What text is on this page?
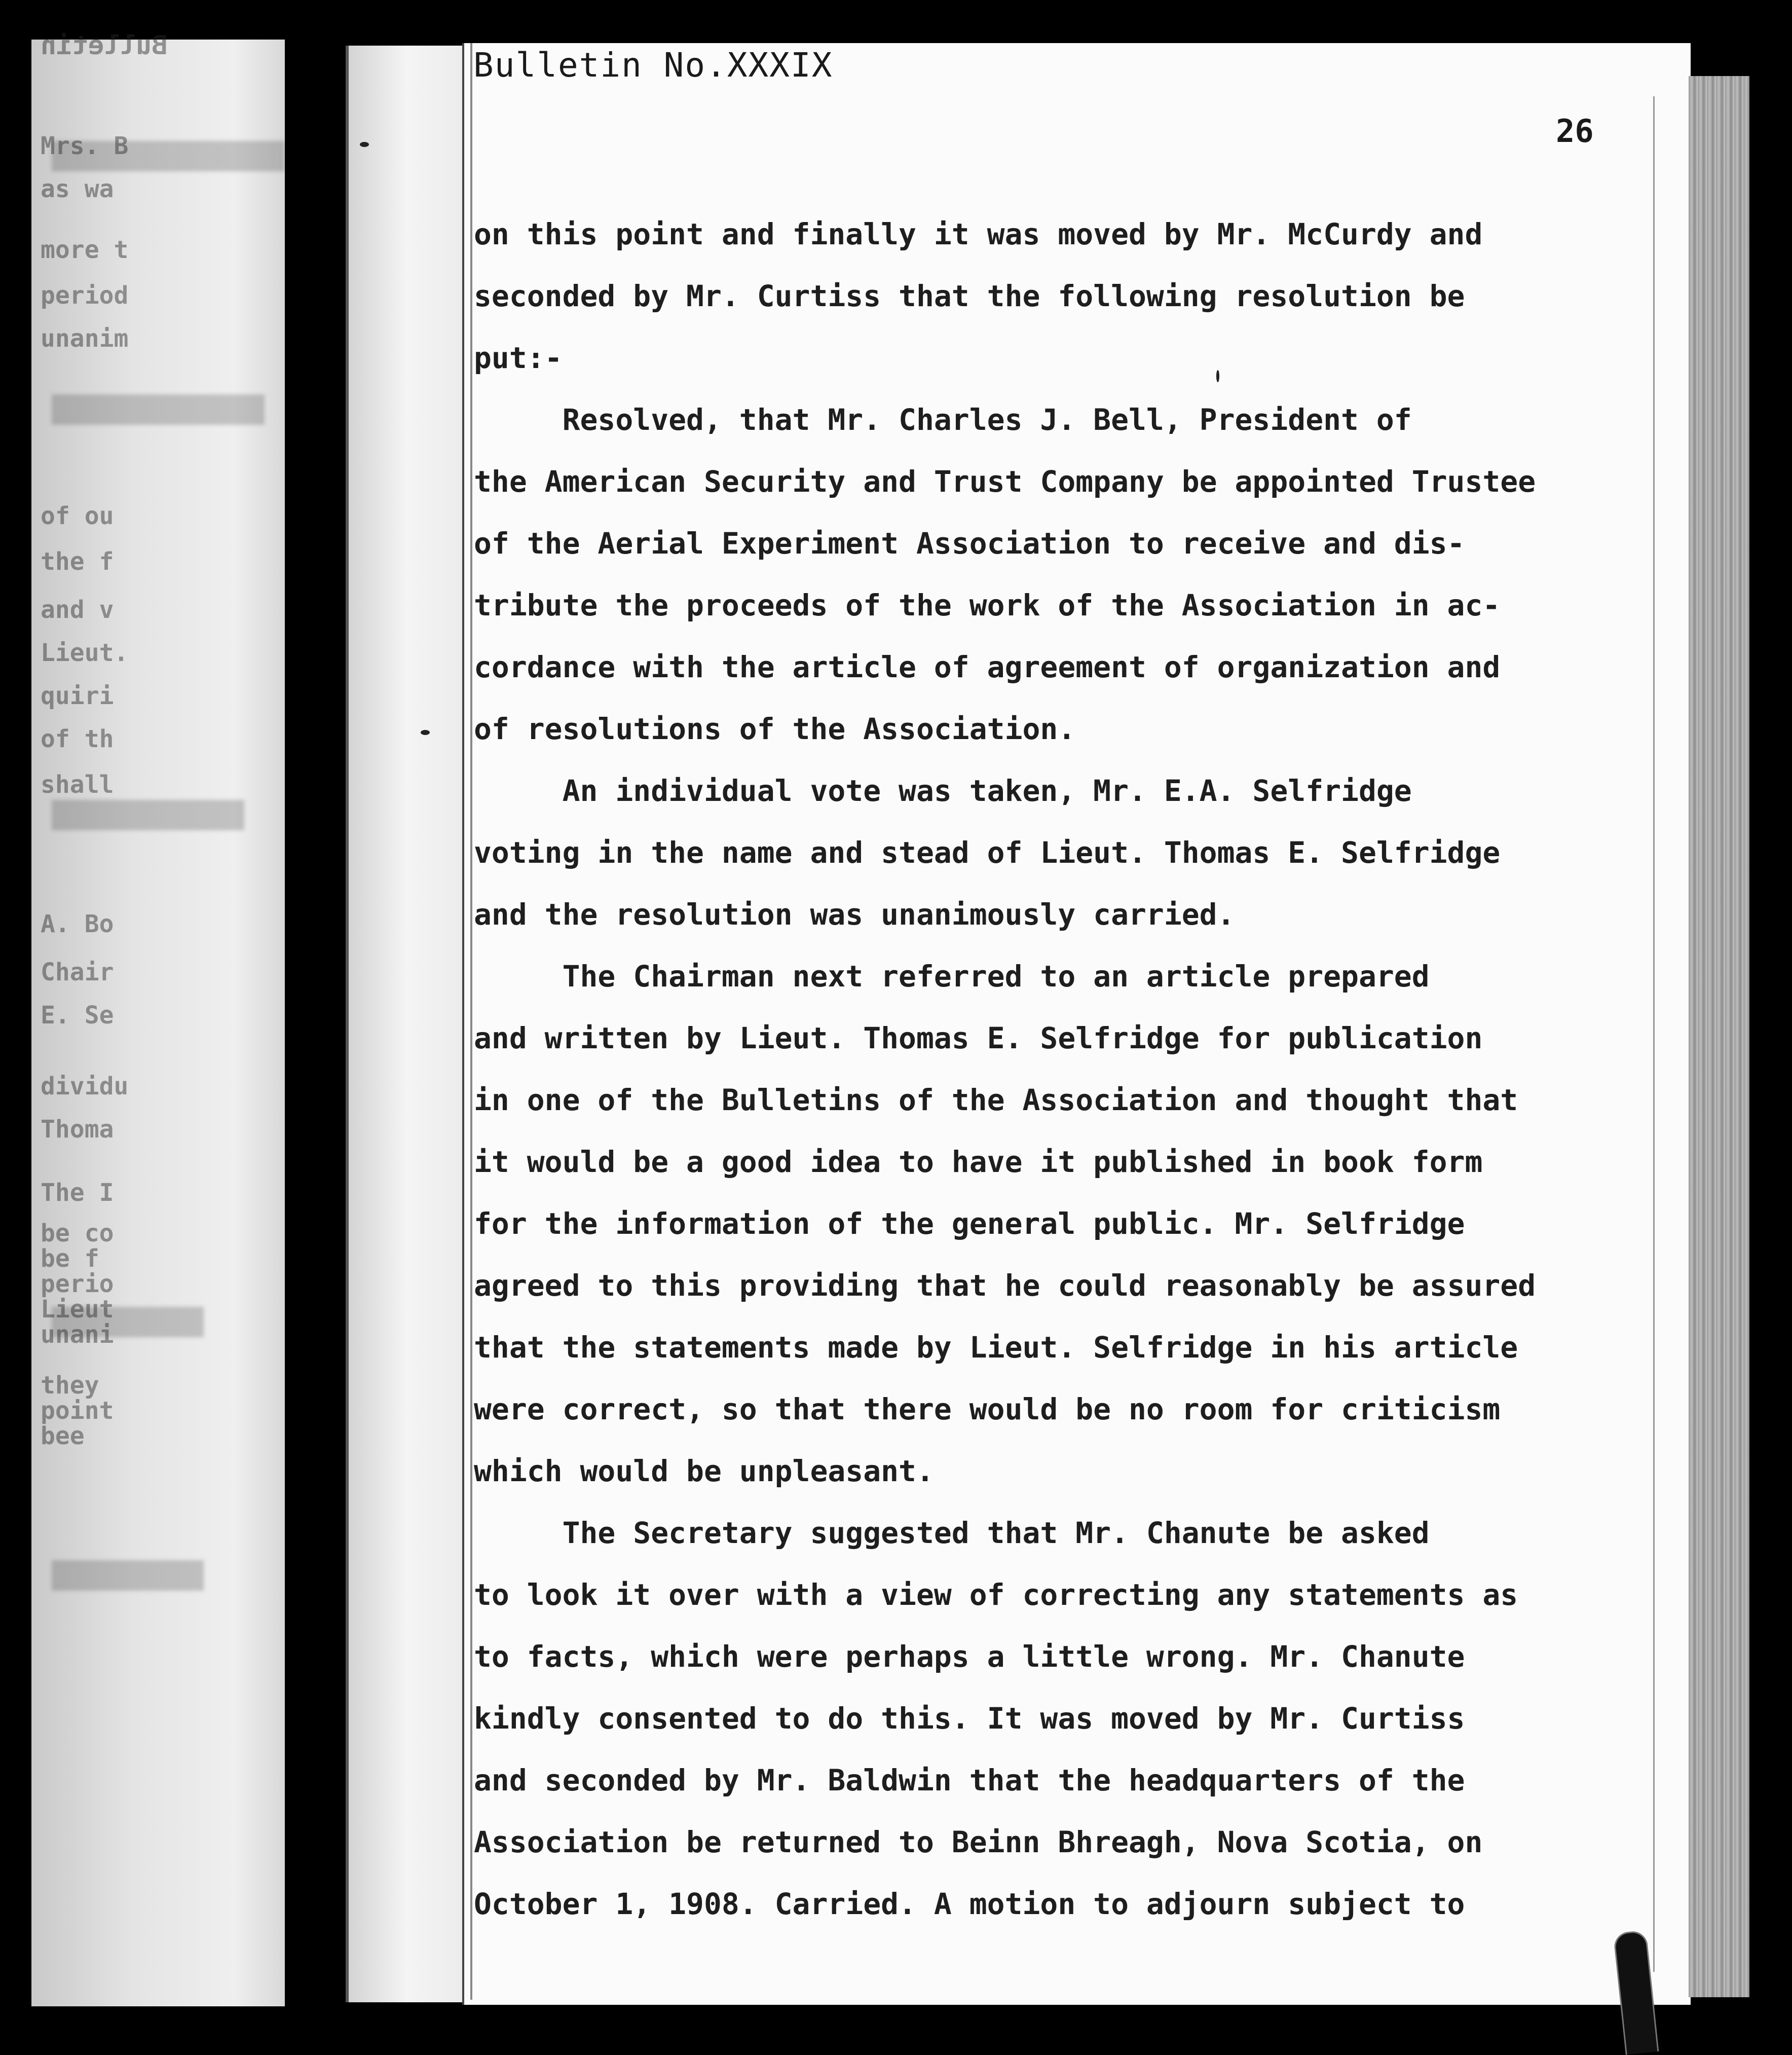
Bulletin No.XXXIX
26
Bulletin
Mrs. B
as wa
more t
period
unanim
of ou
the f
and v
Lieut.
quiri
of th
shall
A. Bo
Chair
E. Se
dividu
Thoma
The I
be co
be f
perio
Lieut
unani
they
point
bee
on this point and finally it was moved by Mr. McCurdy and
seconded by Mr. Curtiss that the following resolution be
put:-
Resolved, that Mr. Charles J. Bell, President of
the American Security and Trust Company be appointed Trustee
of the Aerial Experiment Association to receive and dis-
tribute the proceeds of the work of the Association in ac-
cordance with the article of agreement of organization and
of resolutions of the Association.
An individual vote was taken, Mr. E.A. Selfridge
voting in the name and stead of Lieut. Thomas E. Selfridge
and the resolution was unanimously carried.
The Chairman next referred to an article prepared
and written by Lieut. Thomas E. Selfridge for publication
in one of the Bulletins of the Association and thought that
it would be a good idea to have it published in book form
for the information of the general public. Mr. Selfridge
agreed to this providing that he could reasonably be assured
that the statements made by Lieut. Selfridge in his article
were correct, so that there would be no room for criticism
which would be unpleasant.
The Secretary suggested that Mr. Chanute be asked
to look it over with a view of correcting any statements as
to facts, which were perhaps a little wrong. Mr. Chanute
kindly consented to do this. It was moved by Mr. Curtiss
and seconded by Mr. Baldwin that the headquarters of the
Association be returned to Beinn Bhreagh, Nova Scotia, on
October 1, 1908. Carried. A motion to adjourn subject to
